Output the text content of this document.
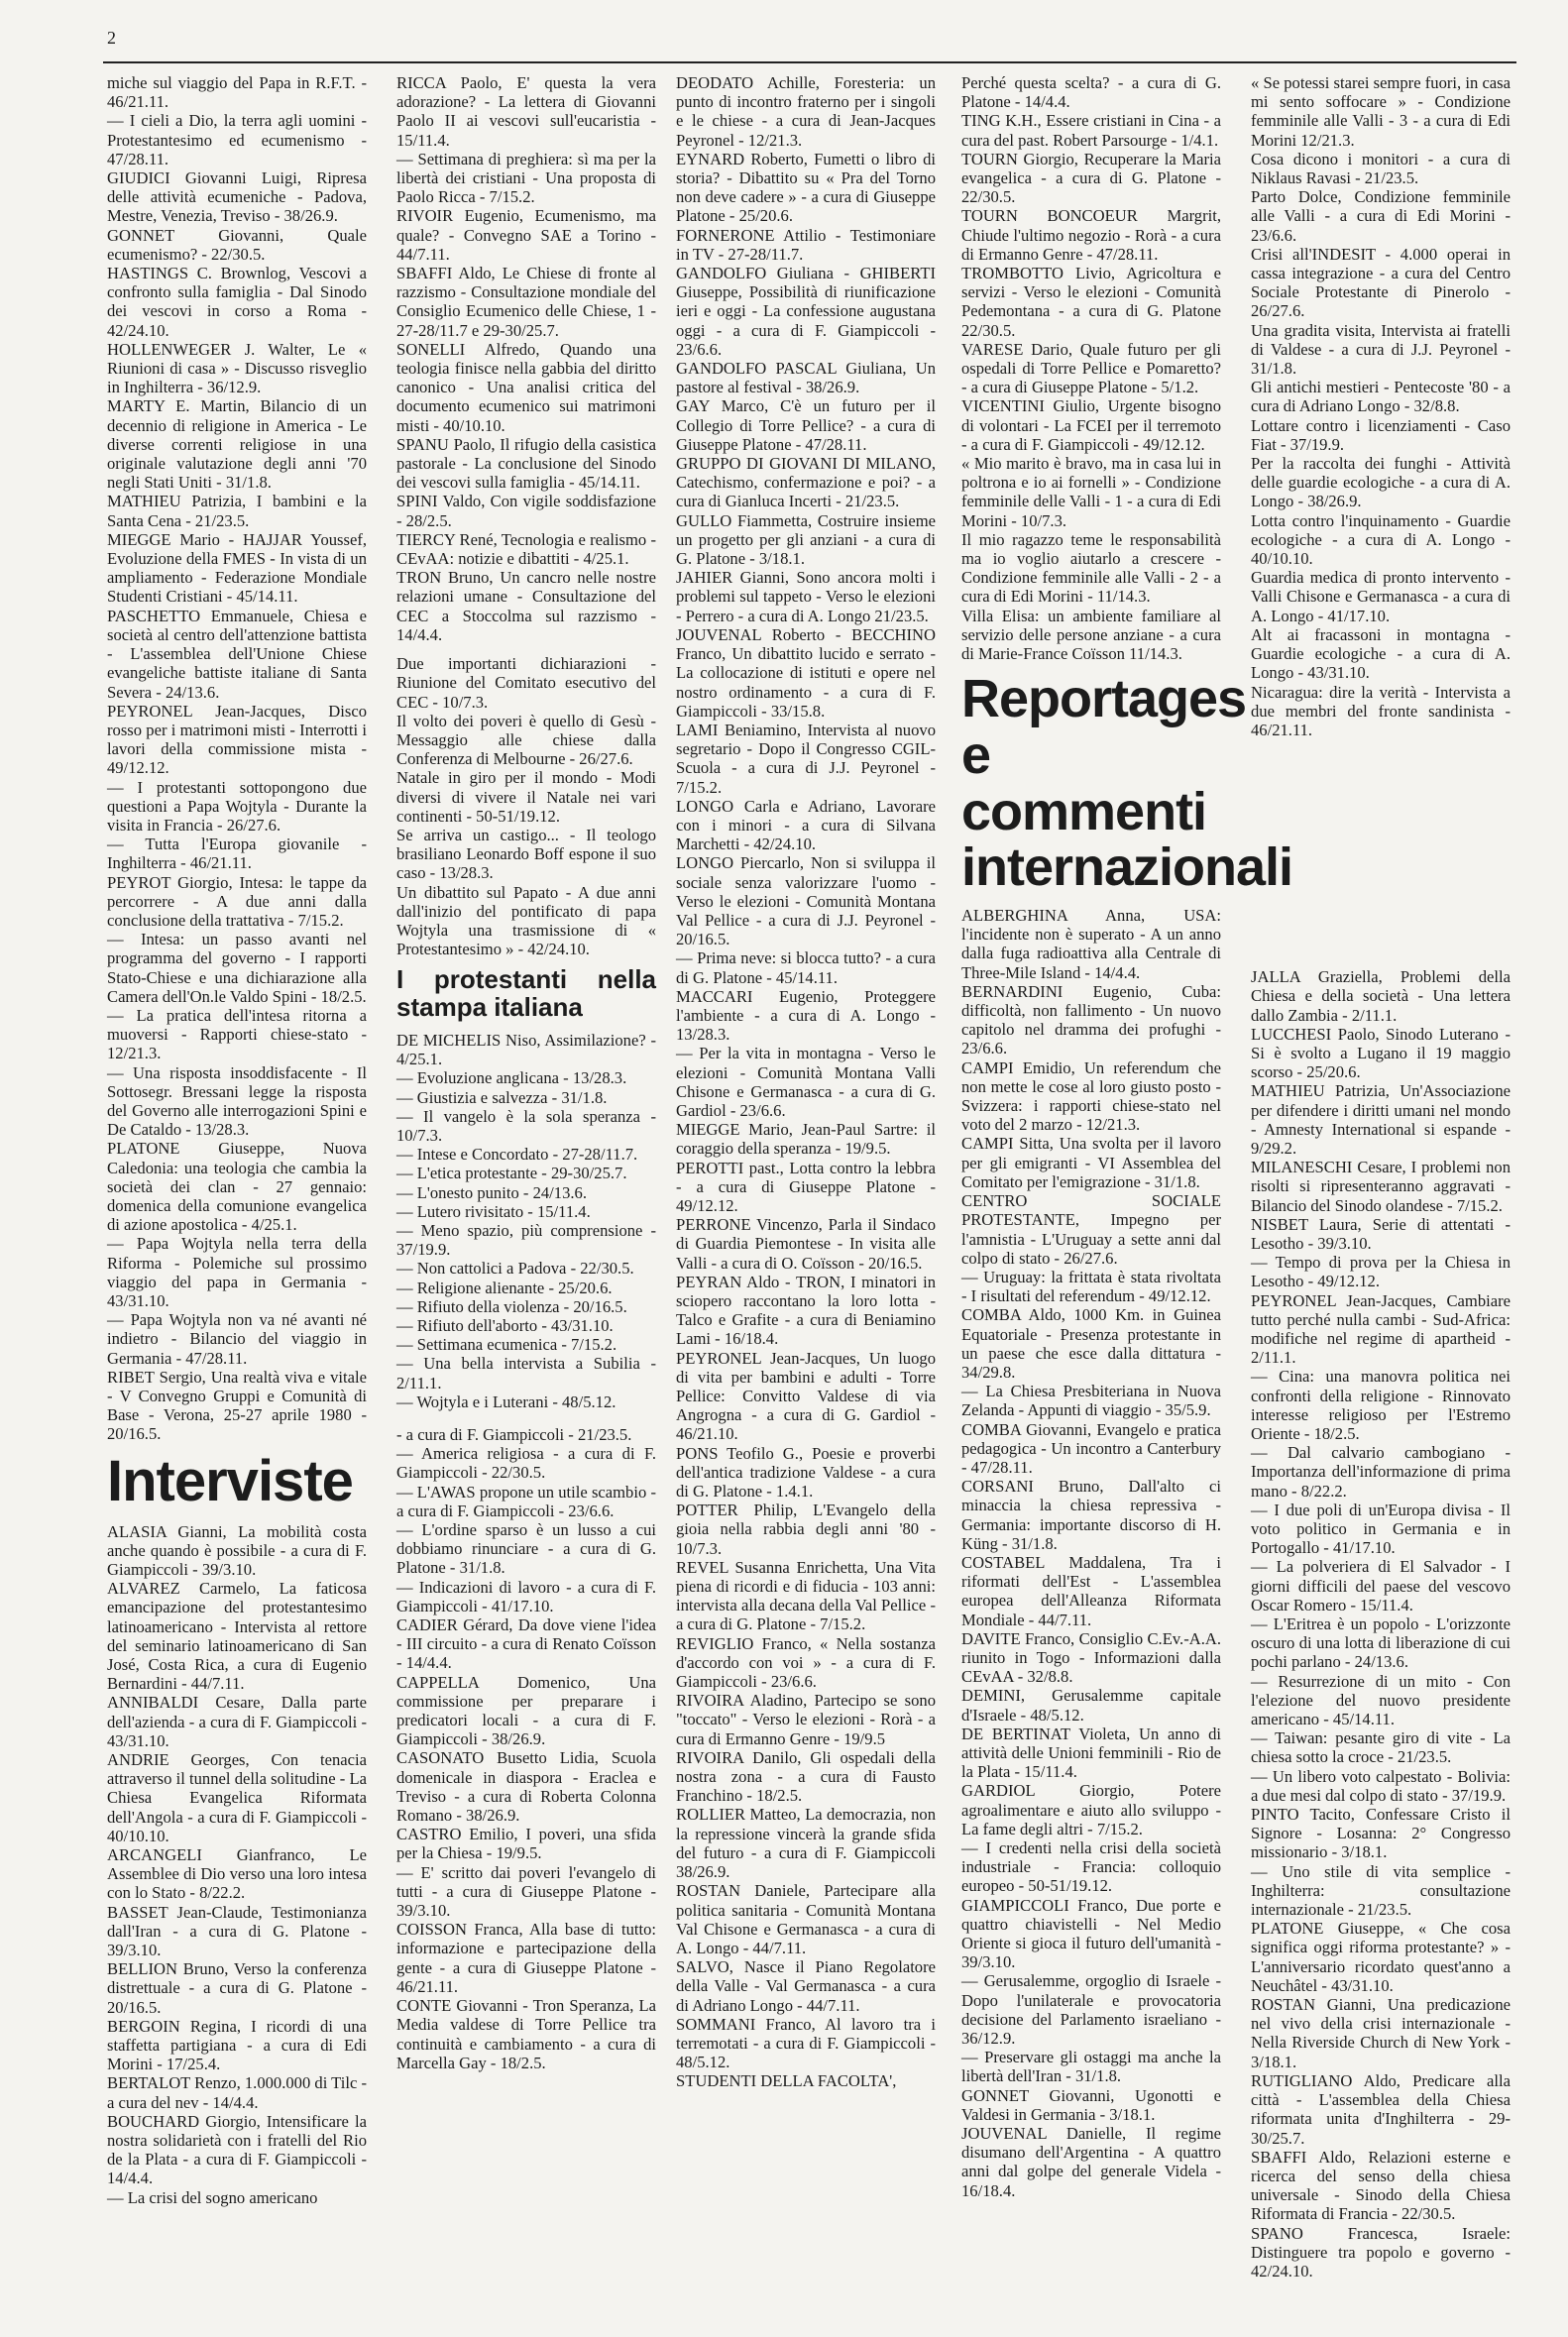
2

miche sul viaggio del Papa in R.F.T. - 46/21.11.

— I cieli a Dio, la terra agli uomini - Protestantesimo ed ecumenismo - 47/28.11.

GIUDICI Giovanni Luigi, Ripresa delle attività ecumeniche - Padova, Mestre, Venezia, Treviso - 38/26.9.

GONNET Giovanni, Quale ecumenismo? - 22/30.5.

HASTINGS C. Brownlog, Vescovi a confronto sulla famiglia - Dal Sinodo dei vescovi in corso a Roma - 42/24.10.

HOLLENWEGER J. Walter, Le « Riunioni di casa » - Discusso risveglio in Inghilterra - 36/12.9.

MARTY E. Martin, Bilancio di un decennio di religione in America - Le diverse correnti religiose in una originale valutazione degli anni '70 negli Stati Uniti - 31/1.8.

MATHIEU Patrizia, I bambini e la Santa Cena - 21/23.5.

MIEGGE Mario - HAJJAR Youssef, Evoluzione della FMES - In vista di un ampliamento - Federazione Mondiale Studenti Cristiani - 45/14.11.

PASCHETTO Emmanuele, Chiesa e società al centro dell'attenzione battista - L'assemblea dell'Unione Chiese evangeliche battiste italiane di Santa Severa - 24/13.6.

PEYRONEL Jean-Jacques, Disco rosso per i matrimoni misti - Interrotti i lavori della commissione mista - 49/12.12.

— I protestanti sottopongono due questioni a Papa Wojtyla - Durante la visita in Francia - 26/27.6.

— Tutta l'Europa giovanile - Inghilterra - 46/21.11.

PEYROT Giorgio, Intesa: le tappe da percorrere - A due anni dalla conclusione della trattativa - 7/15.2.

— Intesa: un passo avanti nel programma del governo - I rapporti Stato-Chiese e una dichiarazione alla Camera dell'On.le Valdo Spini - 18/2.5.

— La pratica dell'intesa ritorna a muoversi - Rapporti chiese-stato - 12/21.3.

— Una risposta insoddisfacente - Il Sottosegr. Bressani legge la risposta del Governo alle interrogazioni Spini e De Cataldo - 13/28.3.

PLATONE Giuseppe, Nuova Caledonia: una teologia che cambia la società dei clan - 27 gennaio: domenica della comunione evangelica di azione apostolica - 4/25.1.

— Papa Wojtyla nella terra della Riforma - Polemiche sul prossimo viaggio del papa in Germania - 43/31.10.

— Papa Wojtyla non va né avanti né indietro - Bilancio del viaggio in Germania - 47/28.11.

RIBET Sergio, Una realtà viva e vitale - V Convegno Gruppi e Comunità di Base - Verona, 25-27 aprile 1980 - 20/16.5.

Interviste

ALASIA Gianni, La mobilità costa anche quando è possibile - a cura di F. Giampiccoli - 39/3.10.

ALVAREZ Carmelo, La faticosa emancipazione del protestantesimo latinoamericano - Intervista al rettore del seminario latinoamericano di San José, Costa Rica, a cura di Eugenio Bernardini - 44/7.11.

ANNIBALDI Cesare, Dalla parte dell'azienda - a cura di F. Giampiccoli - 43/31.10.

ANDRIE Georges, Con tenacia attraverso il tunnel della solitudine - La Chiesa Evangelica Riformata dell'Angola - a cura di F. Giampiccoli - 40/10.10.

ARCANGELI Gianfranco, Le Assemblee di Dio verso una loro intesa con lo Stato - 8/22.2.

BASSET Jean-Claude, Testimonianza dall'Iran - a cura di G. Platone - 39/3.10.

BELLION Bruno, Verso la conferenza distrettuale - a cura di G. Platone - 20/16.5.

BERGOIN Regina, I ricordi di una staffetta partigiana - a cura di Edi Morini - 17/25.4.

BERTALOT Renzo, 1.000.000 di Tilc - a cura del nev - 14/4.4.

BOUCHARD Giorgio, Intensificare la nostra solidarietà con i fratelli del Rio de la Plata - a cura di F. Giampiccoli - 14/4.4.

— La crisi del sogno americano

RICCA Paolo, E' questa la vera adorazione? - La lettera di Giovanni Paolo II ai vescovi sull'eucaristia - 15/11.4.

— Settimana di preghiera: sì ma per la libertà dei cristiani - Una proposta di Paolo Ricca - 7/15.2.

RIVOIR Eugenio, Ecumenismo, ma quale? - Convegno SAE a Torino - 44/7.11.

SBAFFI Aldo, Le Chiese di fronte al razzismo - Consultazione mondiale del Consiglio Ecumenico delle Chiese, 1 - 27-28/11.7 e 29-30/25.7.

SONELLI Alfredo, Quando una teologia finisce nella gabbia del diritto canonico - Una analisi critica del documento ecumenico sui matrimoni misti - 40/10.10.

SPANU Paolo, Il rifugio della casistica pastorale - La conclusione del Sinodo dei vescovi sulla famiglia - 45/14.11.

SPINI Valdo, Con vigile soddisfazione - 28/2.5.

TIERCY René, Tecnologia e realismo - CEvAA: notizie e dibattiti - 4/25.1.

TRON Bruno, Un cancro nelle nostre relazioni umane - Consultazione del CEC a Stoccolma sul razzismo - 14/4.4.

Due importanti dichiarazioni - Riunione del Comitato esecutivo del CEC - 10/7.3.

Il volto dei poveri è quello di Gesù - Messaggio alle chiese dalla Conferenza di Melbourne - 26/27.6.

Natale in giro per il mondo - Modi diversi di vivere il Natale nei vari continenti - 50-51/19.12.

Se arriva un castigo... - Il teologo brasiliano Leonardo Boff espone il suo caso - 13/28.3.

Un dibattito sul Papato - A due anni dall'inizio del pontificato di papa Wojtyla una trasmissione di « Protestantesimo » - 42/24.10.

I protestanti nella stampa italiana

DE MICHELIS Niso, Assimilazione? - 4/25.1.

— Evoluzione anglicana - 13/28.3.

— Giustizia e salvezza - 31/1.8.

— Il vangelo è la sola speranza - 10/7.3.

— Intese e Concordato - 27-28/11.7.

— L'etica protestante - 29-30/25.7.

— L'onesto punito - 24/13.6.

— Lutero rivisitato - 15/11.4.

— Meno spazio, più comprensione - 37/19.9.

— Non cattolici a Padova - 22/30.5.

— Religione alienante - 25/20.6.

— Rifiuto della violenza - 20/16.5.

— Rifiuto dell'aborto - 43/31.10.

— Settimana ecumenica - 7/15.2.

— Una bella intervista a Subilia - 2/11.1.

— Wojtyla e i Luterani - 48/5.12.

- a cura di F. Giampiccoli - 21/23.5.

— America religiosa - a cura di F. Giampiccoli - 22/30.5.

— L'AWAS propone un utile scambio - a cura di F. Giampiccoli - 23/6.6.

— L'ordine sparso è un lusso a cui dobbiamo rinunciare - a cura di G. Platone - 31/1.8.

— Indicazioni di lavoro - a cura di F. Giampiccoli - 41/17.10.

CADIER Gérard, Da dove viene l'idea - III circuito - a cura di Renato Coïsson - 14/4.4.

CAPPELLA Domenico, Una commissione per preparare i predicatori locali - a cura di F. Giampiccoli - 38/26.9.

CASONATO Busetto Lidia, Scuola domenicale in diaspora - Eraclea e Treviso - a cura di Roberta Colonna Romano - 38/26.9.

CASTRO Emilio, I poveri, una sfida per la Chiesa - 19/9.5.

— E' scritto dai poveri l'evangelo di tutti - a cura di Giuseppe Platone - 39/3.10.

COISSON Franca, Alla base di tutto: informazione e partecipazione della gente - a cura di Giuseppe Platone - 46/21.11.

CONTE Giovanni - Tron Speranza, La Media valdese di Torre Pellice tra continuità e cambiamento - a cura di Marcella Gay - 18/2.5.

DEODATO Achille, Foresteria: un punto di incontro fraterno per i singoli e le chiese - a cura di Jean-Jacques Peyronel - 12/21.3.

EYNARD Roberto, Fumetti o libro di storia? - Dibattito su « Pra del Torno non deve cadere » - a cura di Giuseppe Platone - 25/20.6.

FORNERONE Attilio - Testimoniare in TV - 27-28/11.7.

GANDOLFO Giuliana - GHIBERTI Giuseppe, Possibilità di riunificazione ieri e oggi - La confessione augustana oggi - a cura di F. Giampiccoli - 23/6.6.

GANDOLFO PASCAL Giuliana, Un pastore al festival - 38/26.9.

GAY Marco, C'è un futuro per il Collegio di Torre Pellice? - a cura di Giuseppe Platone - 47/28.11.

GRUPPO DI GIOVANI DI MILANO, Catechismo, confermazione e poi? - a cura di Gianluca Incerti - 21/23.5.

GULLO Fiammetta, Costruire insieme un progetto per gli anziani - a cura di G. Platone - 3/18.1.

JAHIER Gianni, Sono ancora molti i problemi sul tappeto - Verso le elezioni - Perrero - a cura di A. Longo 21/23.5.

JOUVENAL Roberto - BECCHINO Franco, Un dibattito lucido e serrato - La collocazione di istituti e opere nel nostro ordinamento - a cura di F. Giampiccoli - 33/15.8.

LAMI Beniamino, Intervista al nuovo segretario - Dopo il Congresso CGIL- Scuola - a cura di J.J. Peyronel - 7/15.2.

LONGO Carla e Adriano, Lavorare con i minori - a cura di Silvana Marchetti - 42/24.10.

LONGO Piercarlo, Non si sviluppa il sociale senza valorizzare l'uomo - Verso le elezioni - Comunità Montana Val Pellice - a cura di J.J. Peyronel - 20/16.5.

— Prima neve: si blocca tutto? - a cura di G. Platone - 45/14.11.

MACCARI Eugenio, Proteggere l'ambiente - a cura di A. Longo - 13/28.3.

— Per la vita in montagna - Verso le elezioni - Comunità Montana Valli Chisone e Germanasca - a cura di G. Gardiol - 23/6.6.

MIEGGE Mario, Jean-Paul Sartre: il coraggio della speranza - 19/9.5.

PEROTTI past., Lotta contro la lebbra - a cura di Giuseppe Platone - 49/12.12.

PERRONE Vincenzo, Parla il Sindaco di Guardia Piemontese - In visita alle Valli - a cura di O. Coïsson - 20/16.5.

PEYRAN Aldo - TRON, I minatori in sciopero raccontano la loro lotta - Talco e Grafite - a cura di Beniamino Lami - 16/18.4.

PEYRONEL Jean-Jacques, Un luogo di vita per bambini e adulti - Torre Pellice: Convitto Valdese di via Angrogna - a cura di G. Gardiol - 46/21.10.

PONS Teofilo G., Poesie e proverbi dell'antica tradizione Valdese - a cura di G. Platone - 1.4.1.

POTTER Philip, L'Evangelo della gioia nella rabbia degli anni '80 - 10/7.3.

REVEL Susanna Enrichetta, Una Vita piena di ricordi e di fiducia - 103 anni: intervista alla decana della Val Pellice - a cura di G. Platone - 7/15.2.

REVIGLIO Franco, « Nella sostanza d'accordo con voi » - a cura di F. Giampiccoli - 23/6.6.

RIVOIRA Aladino, Partecipo se sono "toccato" - Verso le elezioni - Rorà - a cura di Ermanno Genre - 19/9.5

RIVOIRA Danilo, Gli ospedali della nostra zona - a cura di Fausto Franchino - 18/2.5.

ROLLIER Matteo, La democrazia, non la repressione vincerà la grande sfida del futuro - a cura di F. Giampiccoli 38/26.9.

ROSTAN Daniele, Partecipare alla politica sanitaria - Comunità Montana Val Chisone e Germanasca - a cura di A. Longo - 44/7.11.

SALVO, Nasce il Piano Regolatore della Valle - Val Germanasca - a cura di Adriano Longo - 44/7.11.

SOMMANI Franco, Al lavoro tra i terremotati - a cura di F. Giampiccoli - 48/5.12.

STUDENTI DELLA FACOLTA',

Perché questa scelta? - a cura di G. Platone - 14/4.4.

TING K.H., Essere cristiani in Cina - a cura del past. Robert Parsourge - 1/4.1.

TOURN Giorgio, Recuperare la Maria evangelica - a cura di G. Platone - 22/30.5.

TOURN BONCOEUR Margrit, Chiude l'ultimo negozio - Rorà - a cura di Ermanno Genre - 47/28.11.

TROMBOTTO Livio, Agricoltura e servizi - Verso le elezioni - Comunità Pedemontana - a cura di G. Platone 22/30.5.

VARESE Dario, Quale futuro per gli ospedali di Torre Pellice e Pomaretto? - a cura di Giuseppe Platone - 5/1.2.

VICENTINI Giulio, Urgente bisogno di volontari - La FCEI per il terremoto - a cura di F. Giampiccoli - 49/12.12.

« Mio marito è bravo, ma in casa lui in poltrona e io ai fornelli » - Condizione femminile delle Valli - 1 - a cura di Edi Morini - 10/7.3.

Il mio ragazzo teme le responsabilità ma io voglio aiutarlo a crescere - Condizione femminile alle Valli - 2 - a cura di Edi Morini - 11/14.3.

Villa Elisa: un ambiente familiare al servizio delle persone anziane - a cura di Marie-France Coïsson 11/14.3.

Reportages e commenti internazionali

ALBERGHINA Anna, USA: l'incidente non è superato - A un anno dalla fuga radioattiva alla Centrale di Three-Mile Island - 14/4.4.

BERNARDINI Eugenio, Cuba: difficoltà, non fallimento - Un nuovo capitolo nel dramma dei profughi - 23/6.6.

CAMPI Emidio, Un referendum che non mette le cose al loro giusto posto - Svizzera: i rapporti chiese-stato nel voto del 2 marzo - 12/21.3.

CAMPI Sitta, Una svolta per il lavoro per gli emigranti - VI Assemblea del Comitato per l'emigrazione - 31/1.8.

CENTRO SOCIALE PROTESTANTE, Impegno per l'amnistia - L'Uruguay a sette anni dal colpo di stato - 26/27.6.

— Uruguay: la frittata è stata rivoltata - I risultati del referendum - 49/12.12.

COMBA Aldo, 1000 Km. in Guinea Equatoriale - Presenza protestante in un paese che esce dalla dittatura - 34/29.8.

— La Chiesa Presbiteriana in Nuova Zelanda - Appunti di viaggio - 35/5.9.

COMBA Giovanni, Evangelo e pratica pedagogica - Un incontro a Canterbury - 47/28.11.

CORSANI Bruno, Dall'alto ci minaccia la chiesa repressiva - Germania: importante discorso di H. Küng - 31/1.8.

COSTABEL Maddalena, Tra i riformati dell'Est - L'assemblea europea dell'Alleanza Riformata Mondiale - 44/7.11.

DAVITE Franco, Consiglio C.Ev.-A.A. riunito in Togo - Informazioni dalla CEvAA - 32/8.8.

DEMINI, Gerusalemme capitale d'Israele - 48/5.12.

DE BERTINAT Violeta, Un anno di attività delle Unioni femminili - Rio de la Plata - 15/11.4.

GARDIOL Giorgio, Potere agroalimentare e aiuto allo sviluppo - La fame degli altri - 7/15.2.

— I credenti nella crisi della società industriale - Francia: colloquio europeo - 50-51/19.12.

GIAMPICCOLI Franco, Due porte e quattro chiavistelli - Nel Medio Oriente si gioca il futuro dell'umanità - 39/3.10.

— Gerusalemme, orgoglio di Israele - Dopo l'unilaterale e provocatoria decisione del Parlamento israeliano - 36/12.9.

— Preservare gli ostaggi ma anche la libertà dell'Iran - 31/1.8.

GONNET Giovanni, Ugonotti e Valdesi in Germania - 3/18.1.

JOUVENAL Danielle, Il regime disumano dell'Argentina - A quattro anni dal golpe del generale Videla - 16/18.4.

« Se potessi starei sempre fuori, in casa mi sento soffocare » - Condizione femminile alle Valli - 3 - a cura di Edi Morini 12/21.3.

Cosa dicono i monitori - a cura di Niklaus Ravasi - 21/23.5.

Parto Dolce, Condizione femminile alle Valli - a cura di Edi Morini - 23/6.6.

Crisi all'INDESIT - 4.000 operai in cassa integrazione - a cura del Centro Sociale Protestante di Pinerolo - 26/27.6.

Una gradita visita, Intervista ai fratelli di Valdese - a cura di J.J. Peyronel - 31/1.8.

Gli antichi mestieri - Pentecoste '80 - a cura di Adriano Longo - 32/8.8.

Lottare contro i licenziamenti - Caso Fiat - 37/19.9.

Per la raccolta dei funghi - Attività delle guardie ecologiche - a cura di A. Longo - 38/26.9.

Lotta contro l'inquinamento - Guardie ecologiche - a cura di A. Longo - 40/10.10.

Guardia medica di pronto intervento - Valli Chisone e Germanasca - a cura di A. Longo - 41/17.10.

Alt ai fracassoni in montagna - Guardie ecologiche - a cura di A. Longo - 43/31.10.

Nicaragua: dire la verità - Intervista a due membri del fronte sandinista - 46/21.11.

JALLA Graziella, Problemi della Chiesa e della società - Una lettera dallo Zambia - 2/11.1.

LUCCHESI Paolo, Sinodo Luterano - Si è svolto a Lugano il 19 maggio scorso - 25/20.6.

MATHIEU Patrizia, Un'Associazione per difendere i diritti umani nel mondo - Amnesty International si espande - 9/29.2.

MILANESCHI Cesare, I problemi non risolti si ripresenteranno aggravati - Bilancio del Sinodo olandese - 7/15.2.

NISBET Laura, Serie di attentati - Lesotho - 39/3.10.

— Tempo di prova per la Chiesa in Lesotho - 49/12.12.

PEYRONEL Jean-Jacques, Cambiare tutto perché nulla cambi - Sud-Africa: modifiche nel regime di apartheid - 2/11.1.

— Cina: una manovra politica nei confronti della religione - Rinnovato interesse religioso per l'Estremo Oriente - 18/2.5.

— Dal calvario cambogiano - Importanza dell'informazione di prima mano - 8/22.2.

— I due poli di un'Europa divisa - Il voto politico in Germania e in Portogallo - 41/17.10.

— La polveriera di El Salvador - I giorni difficili del paese del vescovo Oscar Romero - 15/11.4.

— L'Eritrea è un popolo - L'orizzonte oscuro di una lotta di liberazione di cui pochi parlano - 24/13.6.

— Resurrezione di un mito - Con l'elezione del nuovo presidente americano - 45/14.11.

— Taiwan: pesante giro di vite - La chiesa sotto la croce - 21/23.5.

— Un libero voto calpestato - Bolivia: a due mesi dal colpo di stato - 37/19.9.

PINTO Tacito, Confessare Cristo il Signore - Losanna: 2° Congresso missionario - 3/18.1.

— Uno stile di vita semplice - Inghilterra: consultazione internazionale - 21/23.5.

PLATONE Giuseppe, « Che cosa significa oggi riforma protestante? » - L'anniversario ricordato quest'anno a Neuchâtel - 43/31.10.

ROSTAN Gianni, Una predicazione nel vivo della crisi internazionale - Nella Riverside Church di New York - 3/18.1.

RUTIGLIANO Aldo, Predicare alla città - L'assemblea della Chiesa riformata unita d'Inghilterra - 29-30/25.7.

SBAFFI Aldo, Relazioni esterne e ricerca del senso della chiesa universale - Sinodo della Chiesa Riformata di Francia - 22/30.5.

SPANO Francesca, Israele: Distinguere tra popolo e governo - 42/24.10.
